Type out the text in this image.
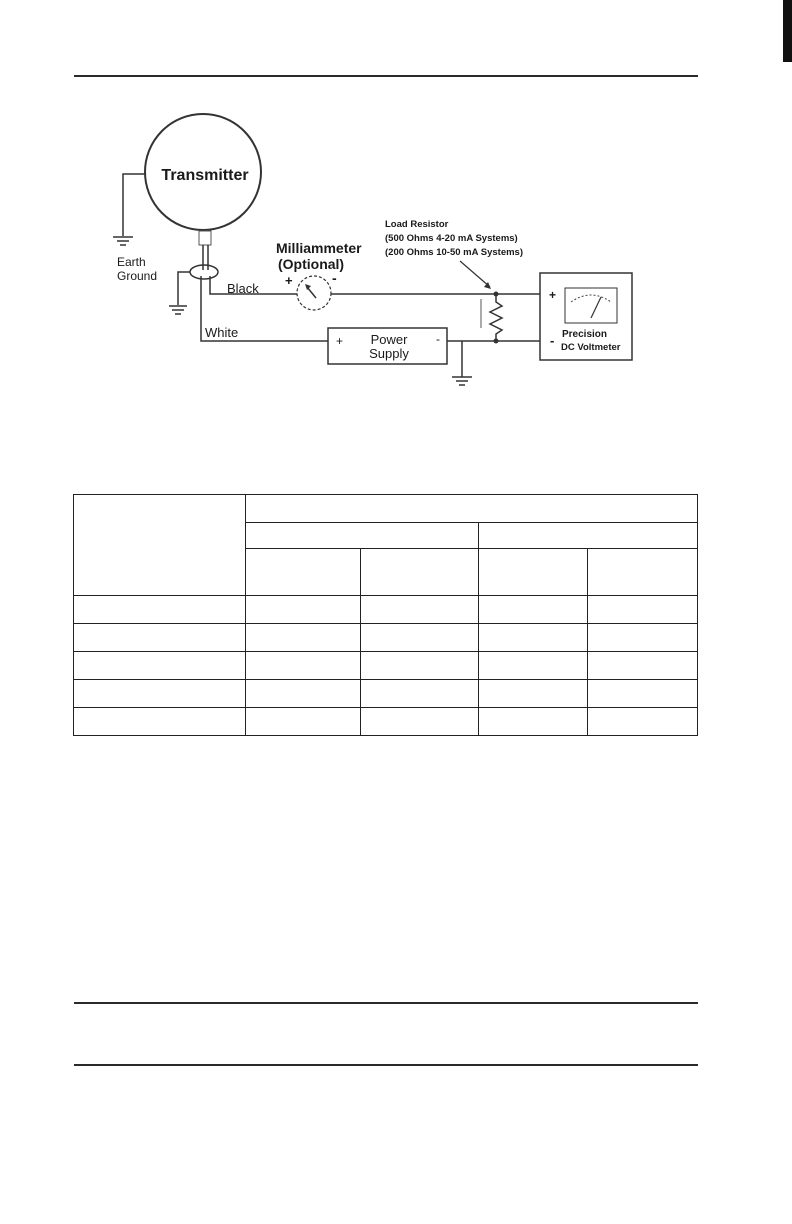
Transmitter
Earth
Ground
Black
Milliammeter
(Optional)
+	-
White
+	-
Power
Supply
Load Resistor
(500 Ohms 4-20 mA Systems)
(200 Ohms 10-50 mA Systems)
+
- Precision
DC Voltmeter
